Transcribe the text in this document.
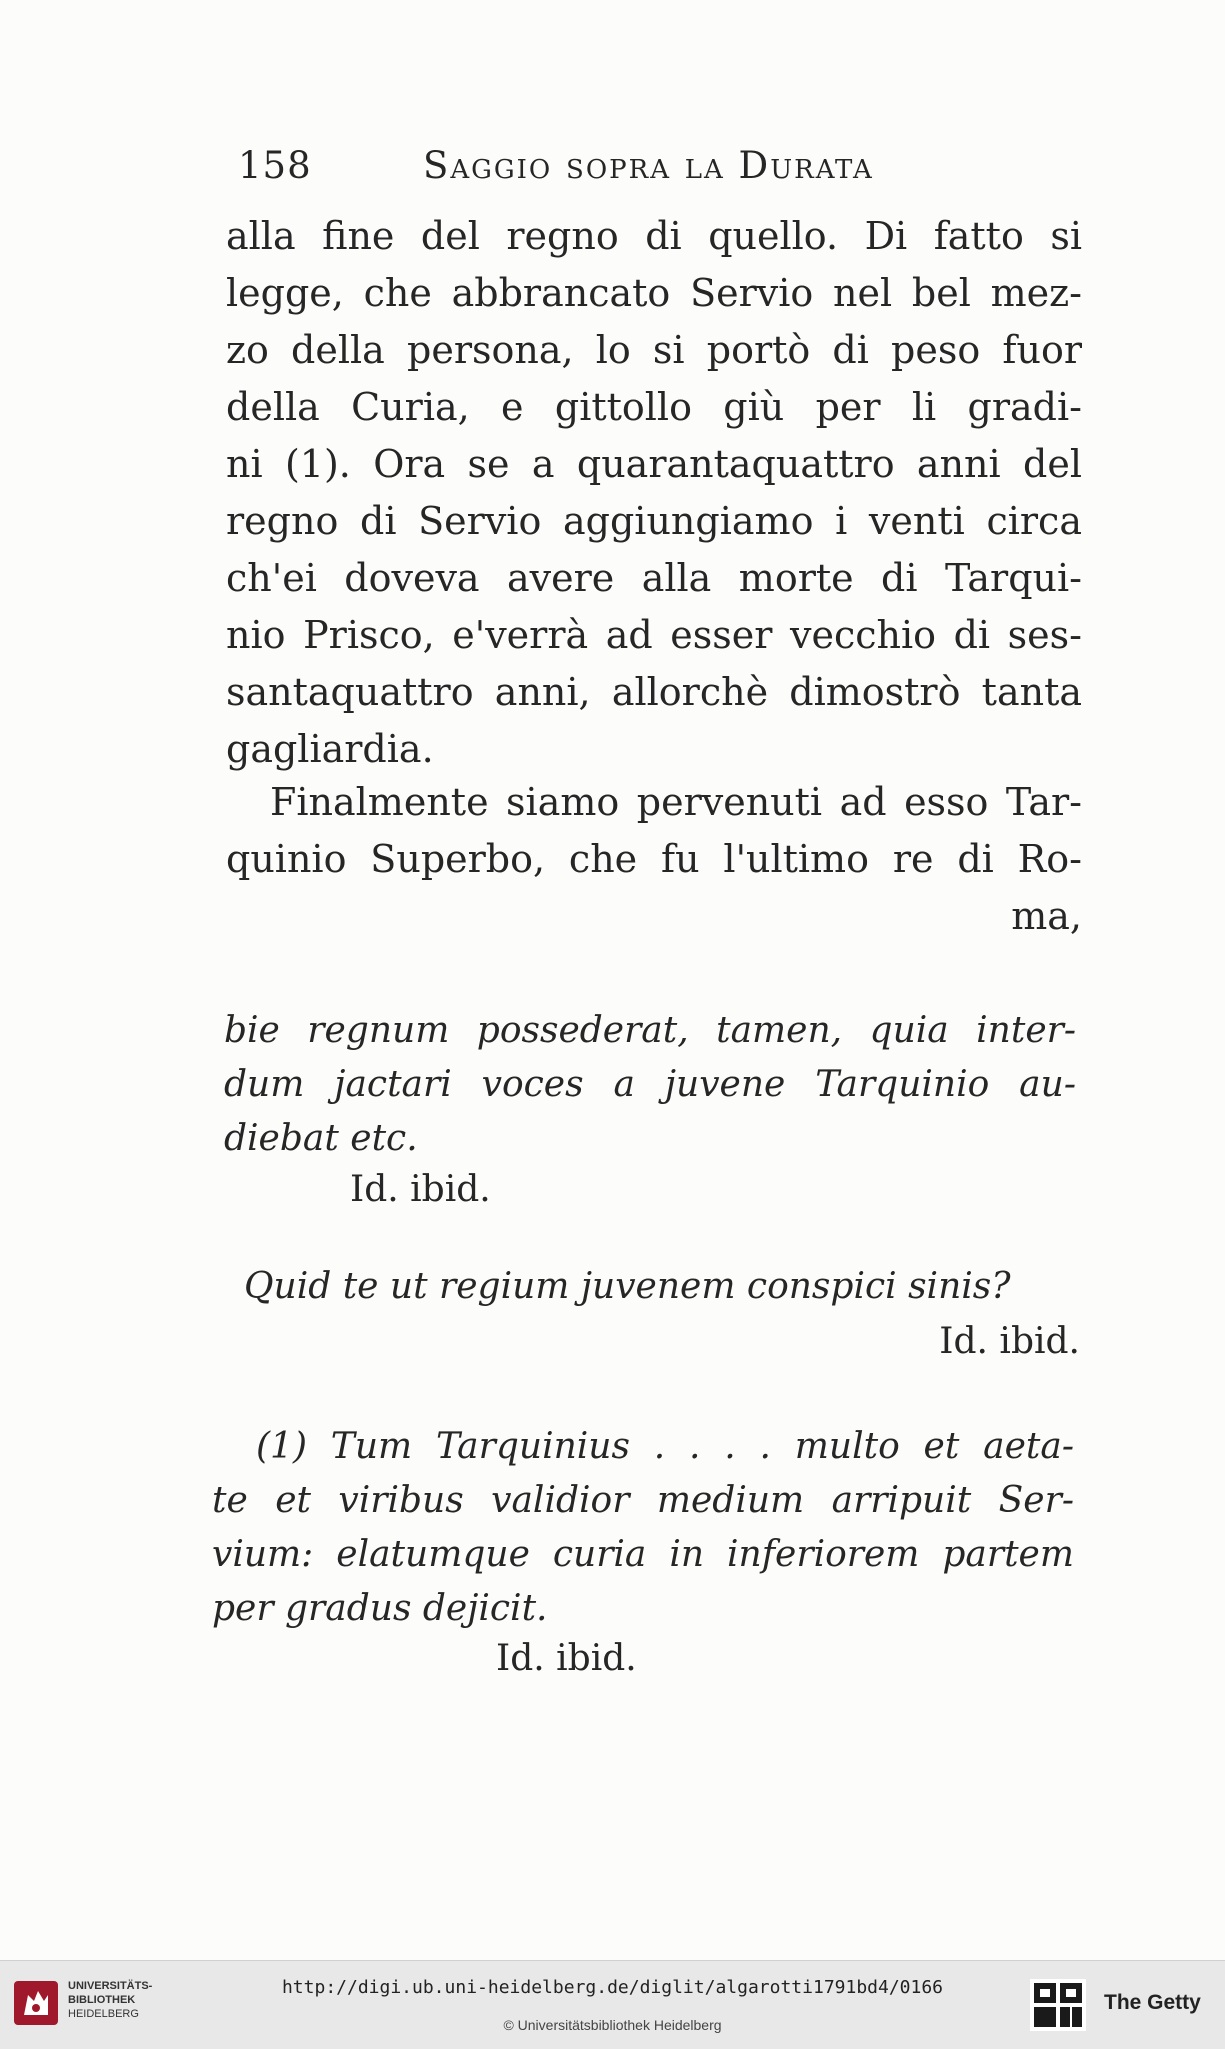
158	Saggio sopra la Durata
alla fine del regno di quello. Di fatto si
legge, che abbrancato Servio nel bel mez-
zo della persona, lo si portò di peso fuor
della Curia, e gittollo giù per li gradi-
ni (1). Ora se a quarantaquattro anni del
regno di Servio aggiungiamo i venti circa
ch'ei doveva avere alla morte di Tarqui-
nio Prisco, e'verrà ad esser vecchio di ses-
santaquattro anni, allorchè dimostrò tanta
gagliardia.
Finalmente siamo pervenuti ad esso Tar-
quinio Superbo, che fu l'ultimo re di Ro-
ma,
bie regnum possederat, tamen, quia inter-
dum jactari voces a juvene Tarquinio au-
diebat etc.
Id. ibid.
Quid te ut regium juvenem conspici sinis?
Id. ibid.
(1) Tum Tarquinius . . . . multo et aeta-
te et viribus validior medium arripuit Ser-
vium: elatumque curia in inferiorem partem
per gradus dejicit.
Id. ibid.
UNIVERSITÄTS-
BIBLIOTHEK
HEIDELBERG
http://digi.ub.uni-heidelberg.de/diglit/algarotti1791bd4/0166
© Universitätsbibliothek Heidelberg
The Getty
